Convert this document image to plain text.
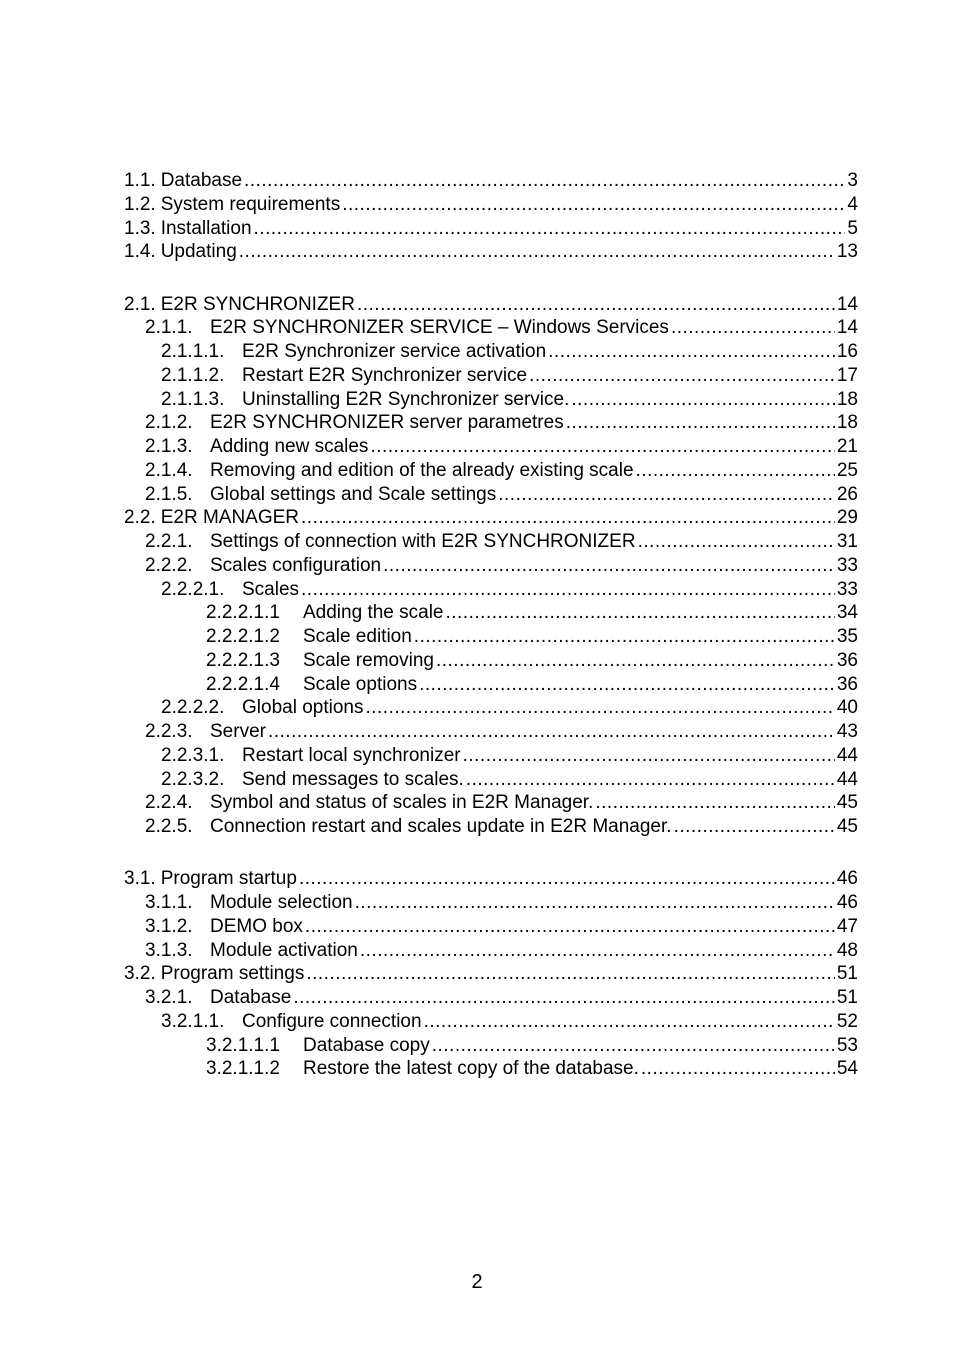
1.1. Database .....	3
1.2. System requirements .....	4
1.3. Installation .....	5
1.4. Updating .....	13
2.1. E2R SYNCHRONIZER .....	14
2.1.1. E2R SYNCHRONIZER SERVICE – Windows Services .....	14
2.1.1.1. E2R Synchronizer service activation .....	16
2.1.1.2. Restart E2R Synchronizer service .....	17
2.1.1.3. Uninstalling E2R Synchronizer service. .....	18
2.1.2. E2R SYNCHRONIZER server parametres .....	18
2.1.3. Adding new scales .....	21
2.1.4. Removing and edition of the already existing scale .....	25
2.1.5. Global settings and Scale settings .....	26
2.2. E2R MANAGER .....	29
2.2.1. Settings of connection with E2R SYNCHRONIZER .....	31
2.2.2. Scales configuration .....	33
2.2.2.1. Scales .....	33
2.2.2.1.1	Adding the scale .....	34
2.2.2.1.2	Scale edition .....	35
2.2.2.1.3	Scale removing .....	36
2.2.2.1.4	Scale options .....	36
2.2.2.2. Global options .....	40
2.2.3. Server .....	43
2.2.3.1. Restart local synchronizer .....	44
2.2.3.2. Send messages to scales. .....	44
2.2.4. Symbol and status of scales in E2R Manager. .....	45
2.2.5. Connection restart and scales update in E2R Manager. .....	45
3.1. Program startup .....	46
3.1.1. Module selection .....	46
3.1.2. DEMO box .....	47
3.1.3. Module activation .....	48
3.2. Program settings .....	51
3.2.1. Database .....	51
3.2.1.1. Configure connection .....	52
3.2.1.1.1	Database copy .....	53
3.2.1.1.2	Restore the latest copy of the database. .....	54
2
